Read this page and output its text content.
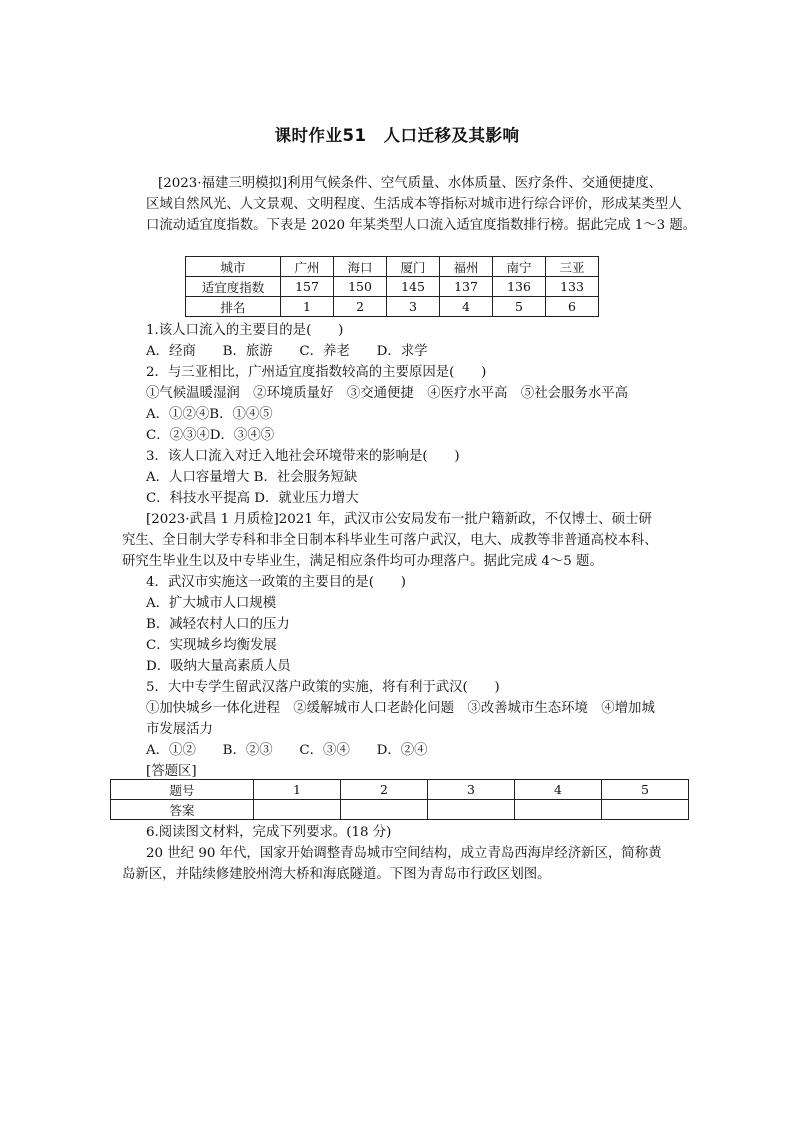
课时作业51　人口迁移及其影响
[2023·福建三明模拟]利用气候条件、空气质量、水体质量、医疗条件、交通便捷度、
区域自然风光、人文景观、文明程度、生活成本等指标对城市进行综合评价，形成某类型人
口流动适宜度指数。下表是 2020 年某类型人口流入适宜度指数排行榜。据此完成 1～3 题。
城市	广州	海口	厦门	福州	南宁	三亚
适宜度指数	157	150	145	137	136	133
排名	1	2	3	4	5	6
1.该人口流入的主要目的是(　　)
A．经商　　B．旅游　　C．养老　　D．求学
2．与三亚相比，广州适宜度指数较高的主要原因是(　　)
①气候温暖湿润　②环境质量好　③交通便捷　④医疗水平高　⑤社会服务水平高
A．①②④B．①④⑤
C．②③④D．③④⑤
3．该人口流入对迁入地社会环境带来的影响是(　　)
A．人口容量增大 B．社会服务短缺
C．科技水平提高 D．就业压力增大
[2023·武昌 1 月质检]2021 年，武汉市公安局发布一批户籍新政，不仅博士、硕士研
究生、全日制大学专科和非全日制本科毕业生可落户武汉，电大、成教等非普通高校本科、
研究生毕业生以及中专毕业生，满足相应条件均可办理落户。据此完成 4～5 题。
4．武汉市实施这一政策的主要目的是(　　)
A．扩大城市人口规模
B．减轻农村人口的压力
C．实现城乡均衡发展
D．吸纳大量高素质人员
5．大中专学生留武汉落户政策的实施，将有利于武汉(　　)
①加快城乡一体化进程　②缓解城市人口老龄化问题　③改善城市生态环境　④增加城
市发展活力
A．①②　　B．②③　　C．③④　　D．②④
[答题区]
题号	1	2	3	4	5
答案					
6.阅读图文材料，完成下列要求。(18 分)
20 世纪 90 年代，国家开始调整青岛城市空间结构，成立青岛西海岸经济新区，简称黄
岛新区，并陆续修建胶州湾大桥和海底隧道。下图为青岛市行政区划图。
